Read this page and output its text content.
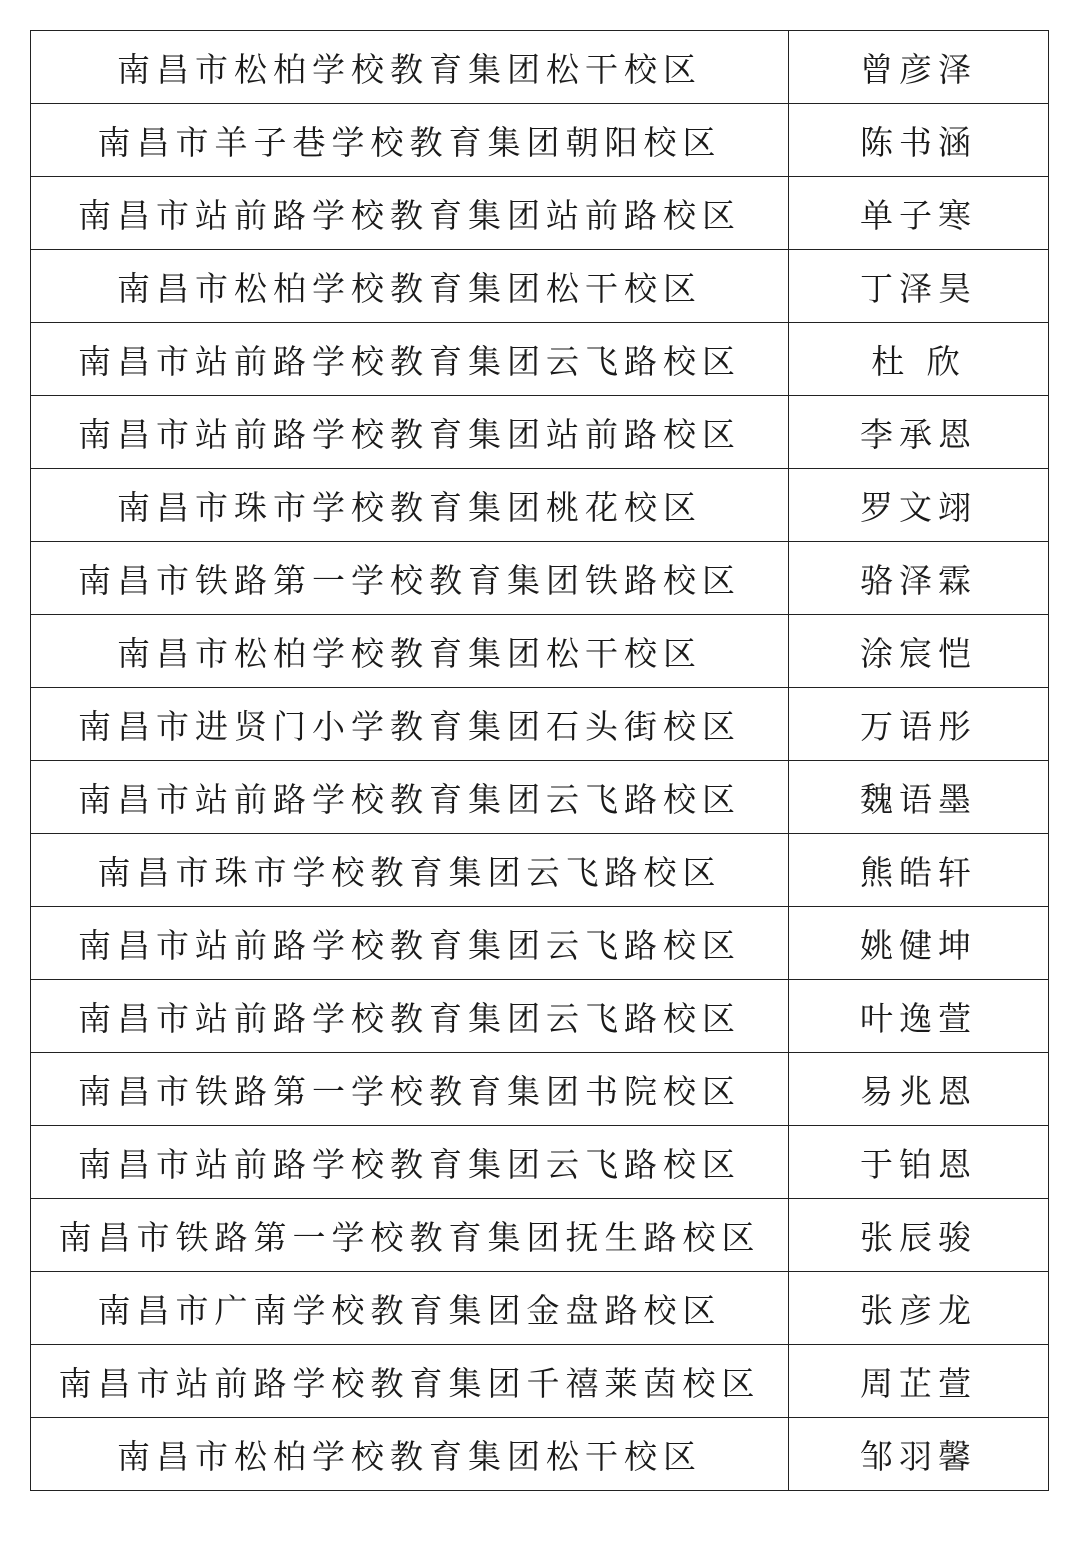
南昌市松柏学校教育集团松干校区	曾彦泽
南昌市羊子巷学校教育集团朝阳校区	陈书涵
南昌市站前路学校教育集团站前路校区	单子寒
南昌市松柏学校教育集团松干校区	丁泽昊
南昌市站前路学校教育集团云飞路校区	杜 欣
南昌市站前路学校教育集团站前路校区	李承恩
南昌市珠市学校教育集团桃花校区	罗文翊
南昌市铁路第一学校教育集团铁路校区	骆泽霖
南昌市松柏学校教育集团松干校区	涂宸恺
南昌市进贤门小学教育集团石头街校区	万语彤
南昌市站前路学校教育集团云飞路校区	魏语墨
南昌市珠市学校教育集团云飞路校区	熊皓轩
南昌市站前路学校教育集团云飞路校区	姚健坤
南昌市站前路学校教育集团云飞路校区	叶逸萱
南昌市铁路第一学校教育集团书院校区	易兆恩
南昌市站前路学校教育集团云飞路校区	于铂恩
南昌市铁路第一学校教育集团抚生路校区	张辰骏
南昌市广南学校教育集团金盘路校区	张彦龙
南昌市站前路学校教育集团千禧莱茵校区	周芷萱
南昌市松柏学校教育集团松干校区	邹羽馨
